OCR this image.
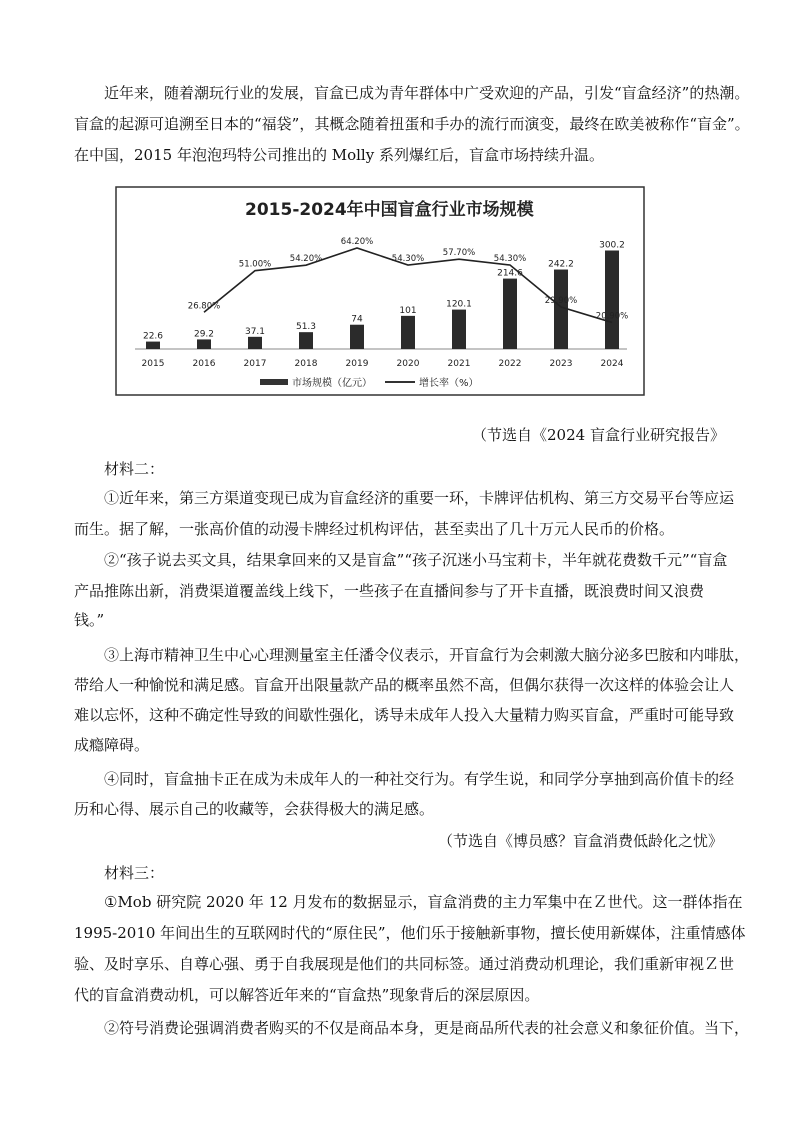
近年来，随着潮玩行业的发展，盲盒已成为青年群体中广受欢迎的产品，引发“盲盒经济”的热潮。
盲盒的起源可追溯至日本的“福袋”，其概念随着扭蛋和手办的流行而演变，最终在欧美被称作“盲金”。
在中国，2015 年泡泡玛特公司推出的 Molly 系列爆红后，盲盒市场持续升温。
2015-2024年中国盲盒行业市场规模
22.6
2015
29.2
2016
37.1
2017
51.3
2018
74
2019
101
2020
120.1
2021
214.6
2022
242.2
2023
300.2
2024
26.80%
51.00%
54.20%
64.20%
54.30%
57.70%
54.30%
29.90%
20.90%
市场规模（亿元）	增长率（%）
（节选自《2024 盲盒行业研究报告》
材料二：
①近年来，第三方渠道变现已成为盲盒经济的重要一环，卡牌评估机构、第三方交易平台等应运
而生。据了解，一张高价值的动漫卡牌经过机构评估，甚至卖出了几十万元人民币的价格。
②“孩子说去买文具，结果拿回来的又是盲盒”“孩子沉迷小马宝莉卡，半年就花费数千元”“盲盒
产品推陈出新，消费渠道覆盖线上线下，一些孩子在直播间参与了开卡直播，既浪费时间又浪费
钱。”
③上海市精神卫生中心心理测量室主任潘令仪表示，开盲盒行为会刺激大脑分泌多巴胺和内啡肽，
带给人一种愉悦和满足感。盲盒开出限量款产品的概率虽然不高，但偶尔获得一次这样的体验会让人
难以忘怀，这种不确定性导致的间歇性强化，诱导未成年人投入大量精力购买盲盒，严重时可能导致
成瘾障碍。
④同时，盲盒抽卡正在成为未成年人的一种社交行为。有学生说，和同学分享抽到高价值卡的经
历和心得、展示自己的收藏等，会获得极大的满足感。
（节选自《博员感？盲盒消费低龄化之忧》
材料三：
①Mob 研究院 2020 年 12 月发布的数据显示，盲盒消费的主力军集中在Ｚ世代。这一群体指在
1995-2010 年间出生的互联网时代的“原住民”，他们乐于接触新事物，擅长使用新媒体，注重情感体
验、及时享乐、自尊心强、勇于自我展现是他们的共同标签。通过消费动机理论，我们重新审视Ｚ世
代的盲盒消费动机，可以解答近年来的“盲盒热”现象背后的深层原因。
②符号消费论强调消费者购买的不仅是商品本身，更是商品所代表的社会意义和象征价值。当下，
